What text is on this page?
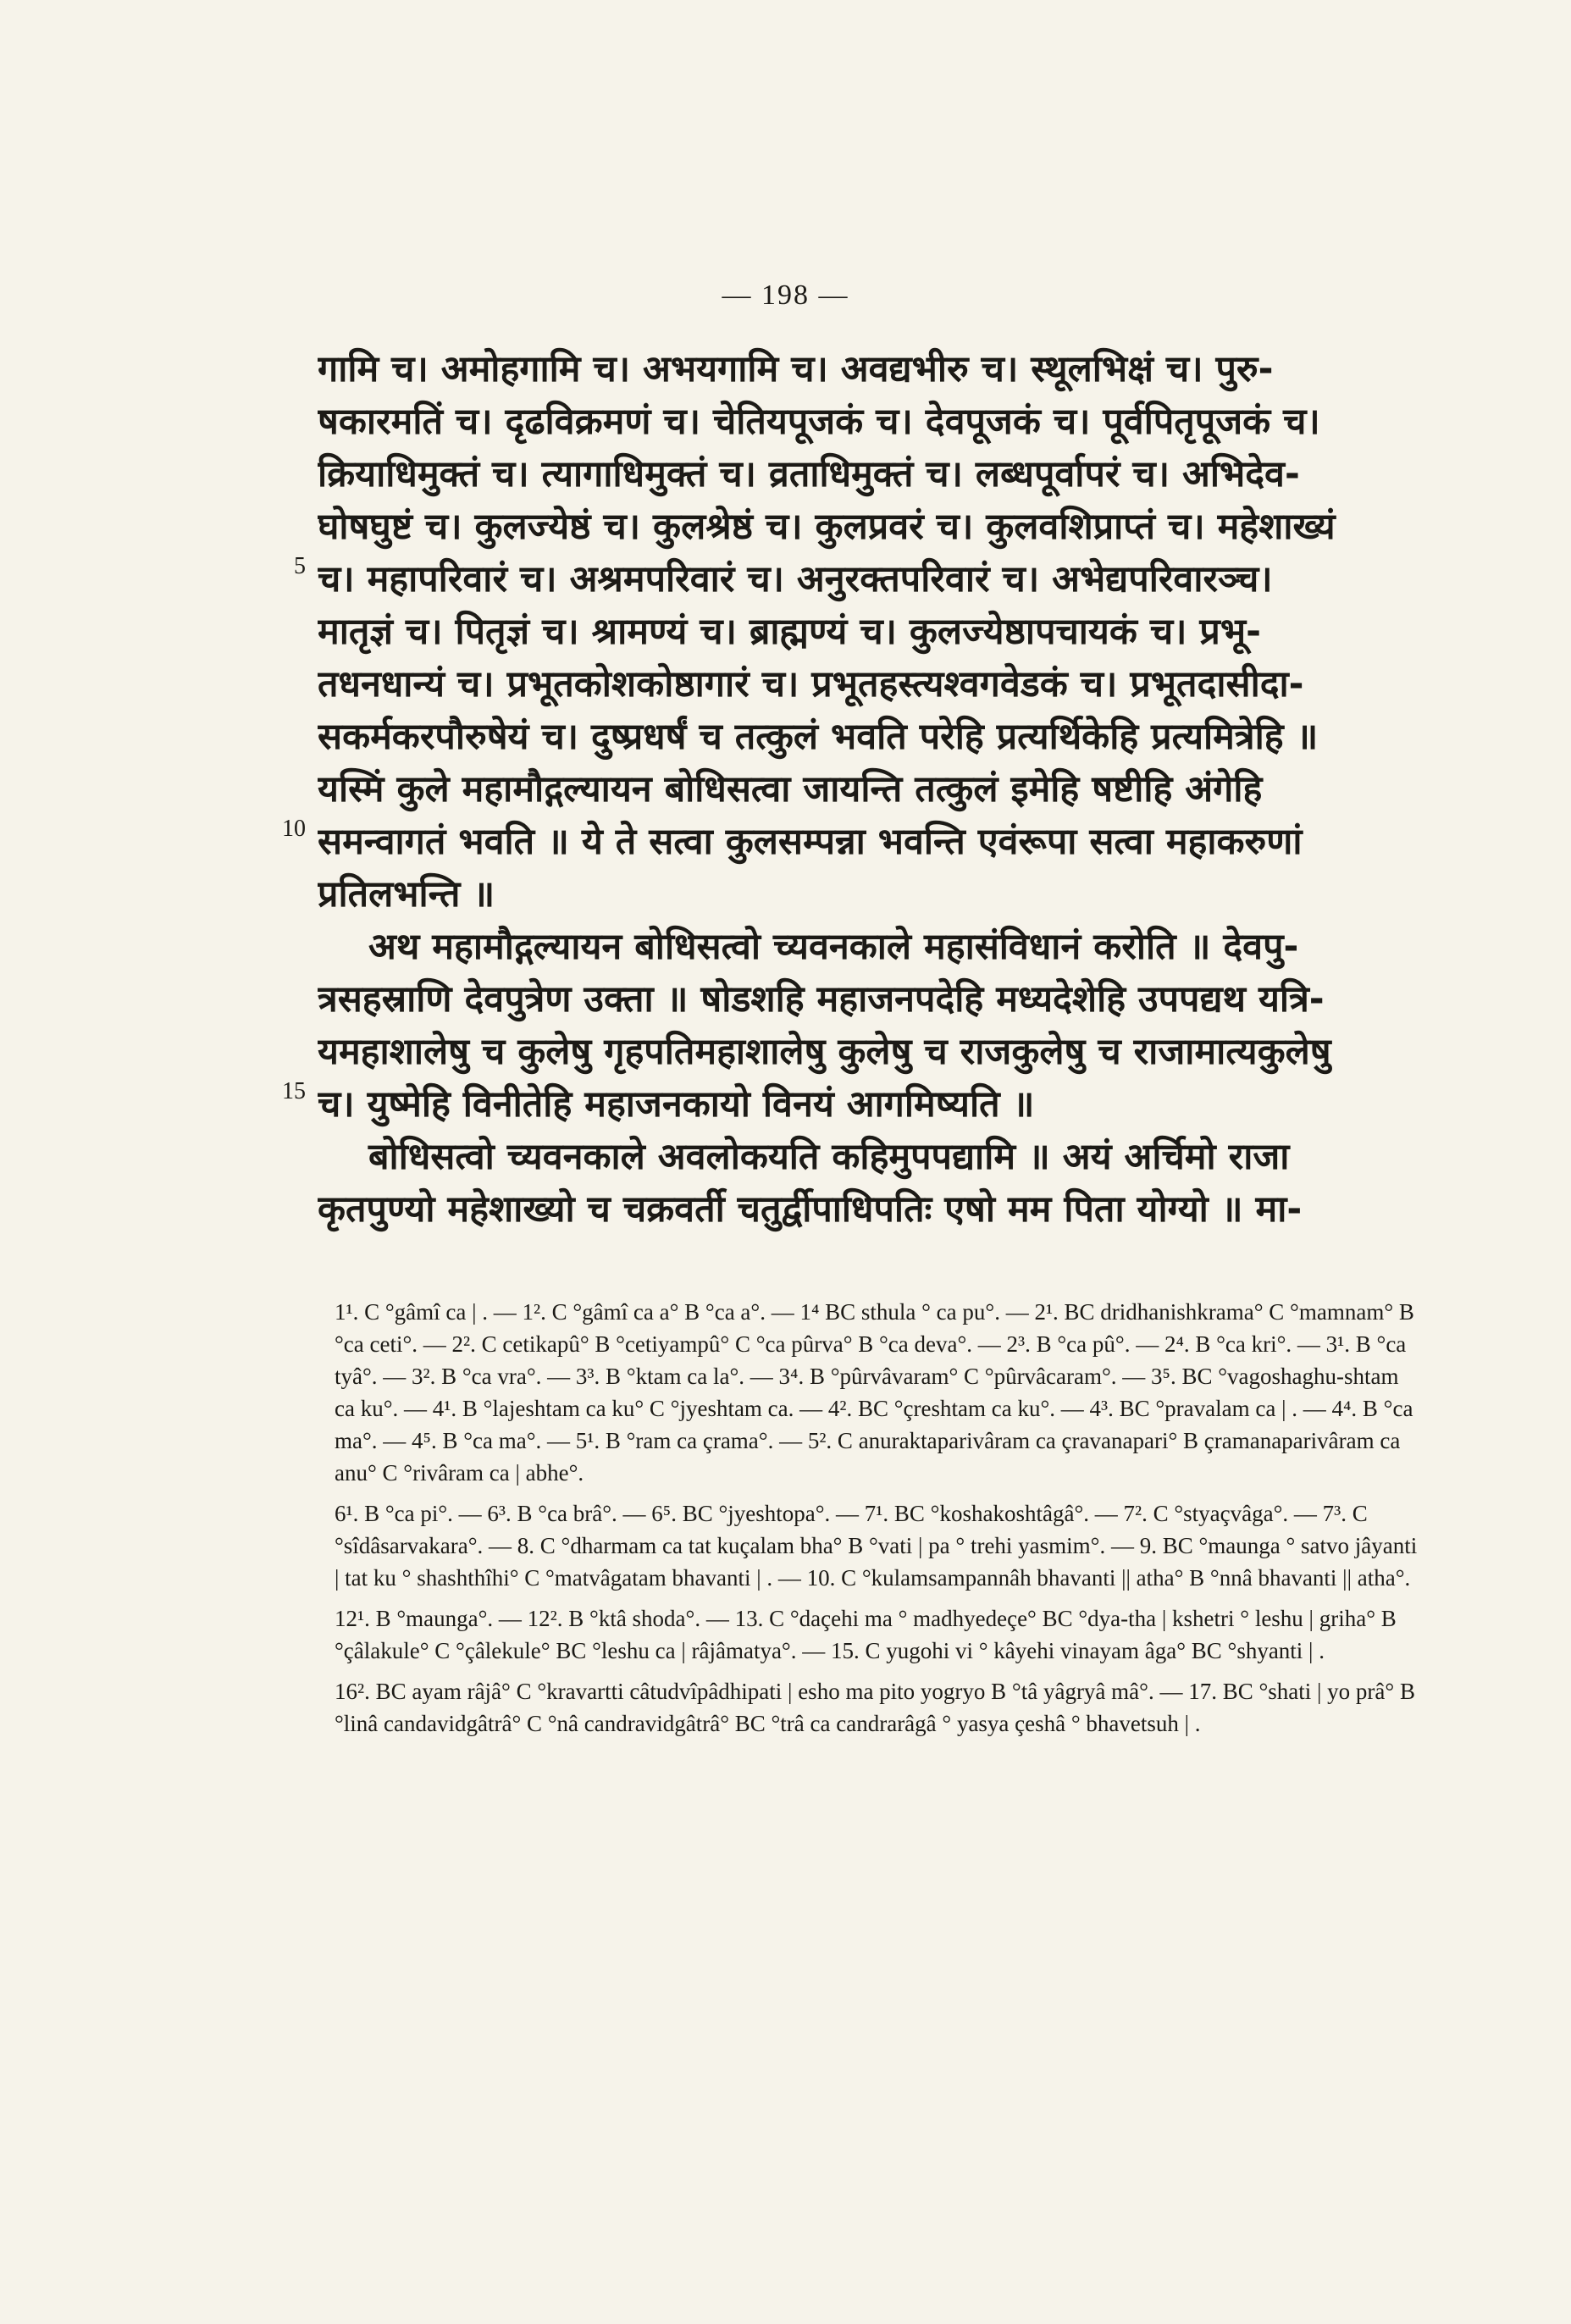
— 198 —
गामि च। अमोहगामि च। अभयगामि च। अवद्यभीरु च। स्थूलभिक्षं च। पुरु-
षकारमतिं च। दृढविक्रमणं च। चेतियपूजकं च। देवपूजकं च। पूर्वपितृपूजकं च।
क्रियाधिमुक्तं च। त्यागाधिमुक्तं च। व्रताधिमुक्तं च। लब्धपूर्वापरं च। अभिदेव-
घोषघुष्टं च। कुलज्येष्ठं च। कुलश्रेष्ठं च। कुलप्रवरं च। कुलवशिप्राप्तं च। महेशाख्यं
5 च। महापरिवारं च। अश्रमपरिवारं च। अनुरक्तपरिवारं च। अभेद्यपरिवारञ्च।
मातृज्ञं च। पितृज्ञं च। श्रामण्यं च। ब्राह्मण्यं च। कुलज्येष्ठापचायकं च। प्रभू-
तधनधान्यं च। प्रभूतकोशकोष्ठागारं च। प्रभूतहस्त्यश्वगवेडकं च। प्रभूतदासीदा-
सकर्मकरपौरुषेयं च। दुष्प्रधर्षं च तत्कुलं भवति परेहि प्रत्यर्थिकेहि प्रत्यमित्रेहि ॥
यस्मिं कुले महामौद्गल्यायन बोधिसत्वा जायन्ति तत्कुलं इमेहि षष्टीहि अंगेहि
10 समन्वागतं भवति ॥ ये ते सत्वा कुलसम्पन्ना भवन्ति एवंरूपा सत्वा महाकरुणां
प्रतिलभन्ति ॥
अथ महामौद्गल्यायन बोधिसत्वो च्यवनकाले महासंविधानं करोति ॥ देवपु-
त्रसहस्राणि देवपुत्रेण उक्ता ॥ षोडशहि महाजनपदेहि मध्यदेशेहि उपपद्यथ यत्रि-
यमहाशालेषु च कुलेषु गृहपतिमहाशालेषु कुलेषु च राजकुलेषु च राजामात्यकुलेषु
15 च। युष्मेहि विनीतेहि महाजनकायो विनयं आगमिष्यति ॥
बोधिसत्वो च्यवनकाले अवलोकयति कहिमुपपद्यामि ॥ अयं अर्चिमो राजा
कृतपुण्यो महेशाख्यो च चक्रवर्ती चतुर्द्वीपाधिपतिः एषो मम पिता योग्यो ॥ मा-

1¹. C °gâmî ca | . — 1². C °gâmî ca a° B °ca a°. — 1⁴ BC sthula ° ca pu°. — 2¹. BC dridhanishkrama° C °mamnam° B °ca ceti°. — 2². C cetikapû° B °cetiyampû° C °ca pûrva° B °ca deva°. — 2³. B °ca pû°. — 2⁴. B °ca kri°. — 3¹. B °ca tyâ°. — 3². B °ca vra°. — 3³. B °ktam ca la°. — 3⁴. B °pûrvâvaram° C °pûrvâcaram°. — 3⁵. BC °vagoshaghu-shtam ca ku°. — 4¹. B °lajeshtam ca ku° C °jyeshtam ca. — 4². BC °çreshtam ca ku°. — 4³. BC °pravalam ca | . — 4⁴. B °ca ma°. — 4⁵. B °ca ma°. — 5¹. B °ram ca çrama°. — 5². C anuraktaparivâram ca çravanapari° B çramanaparivâram ca anu° C °rivâram ca | abhe°.

6¹. B °ca pi°. — 6³. B °ca brâ°. — 6⁵. BC °jyeshtopa°. — 7¹. BC °koshakoshtâgâ°. — 7². C °styaçvâga°. — 7³. C °sîdâsarvakara°. — 8. C °dharmam ca tat kuçalam bha° B °vati | pa ° trehi yasmim°. — 9. BC °maunga ° satvo jâyanti | tat ku ° shashthîhi° C °matvâgatam bhavanti | . — 10. C °kulamsampannâh bhavanti || atha° B °nnâ bhavanti || atha°.

12¹. B °maunga°. — 12². B °ktâ shoda°. — 13. C °daçehi ma ° madhyedeçe° BC °dya-tha | kshetri ° leshu | griha° B °çâlakule° C °çâlekule° BC °leshu ca | râjâmatya°. — 15. C yugohi vi ° kâyehi vinayam âga° BC °shyanti | .

16². BC ayam râjâ° C °kravartti câtudvîpâdhipati | esho ma pito yogryo B °tâ yâgryâ mâ°. — 17. BC °shati | yo prâ° B °linâ candavidgâtrâ° C °nâ candravidgâtrâ° BC °trâ ca candrarâgâ ° yasya çeshâ ° bhavetsuh | .
